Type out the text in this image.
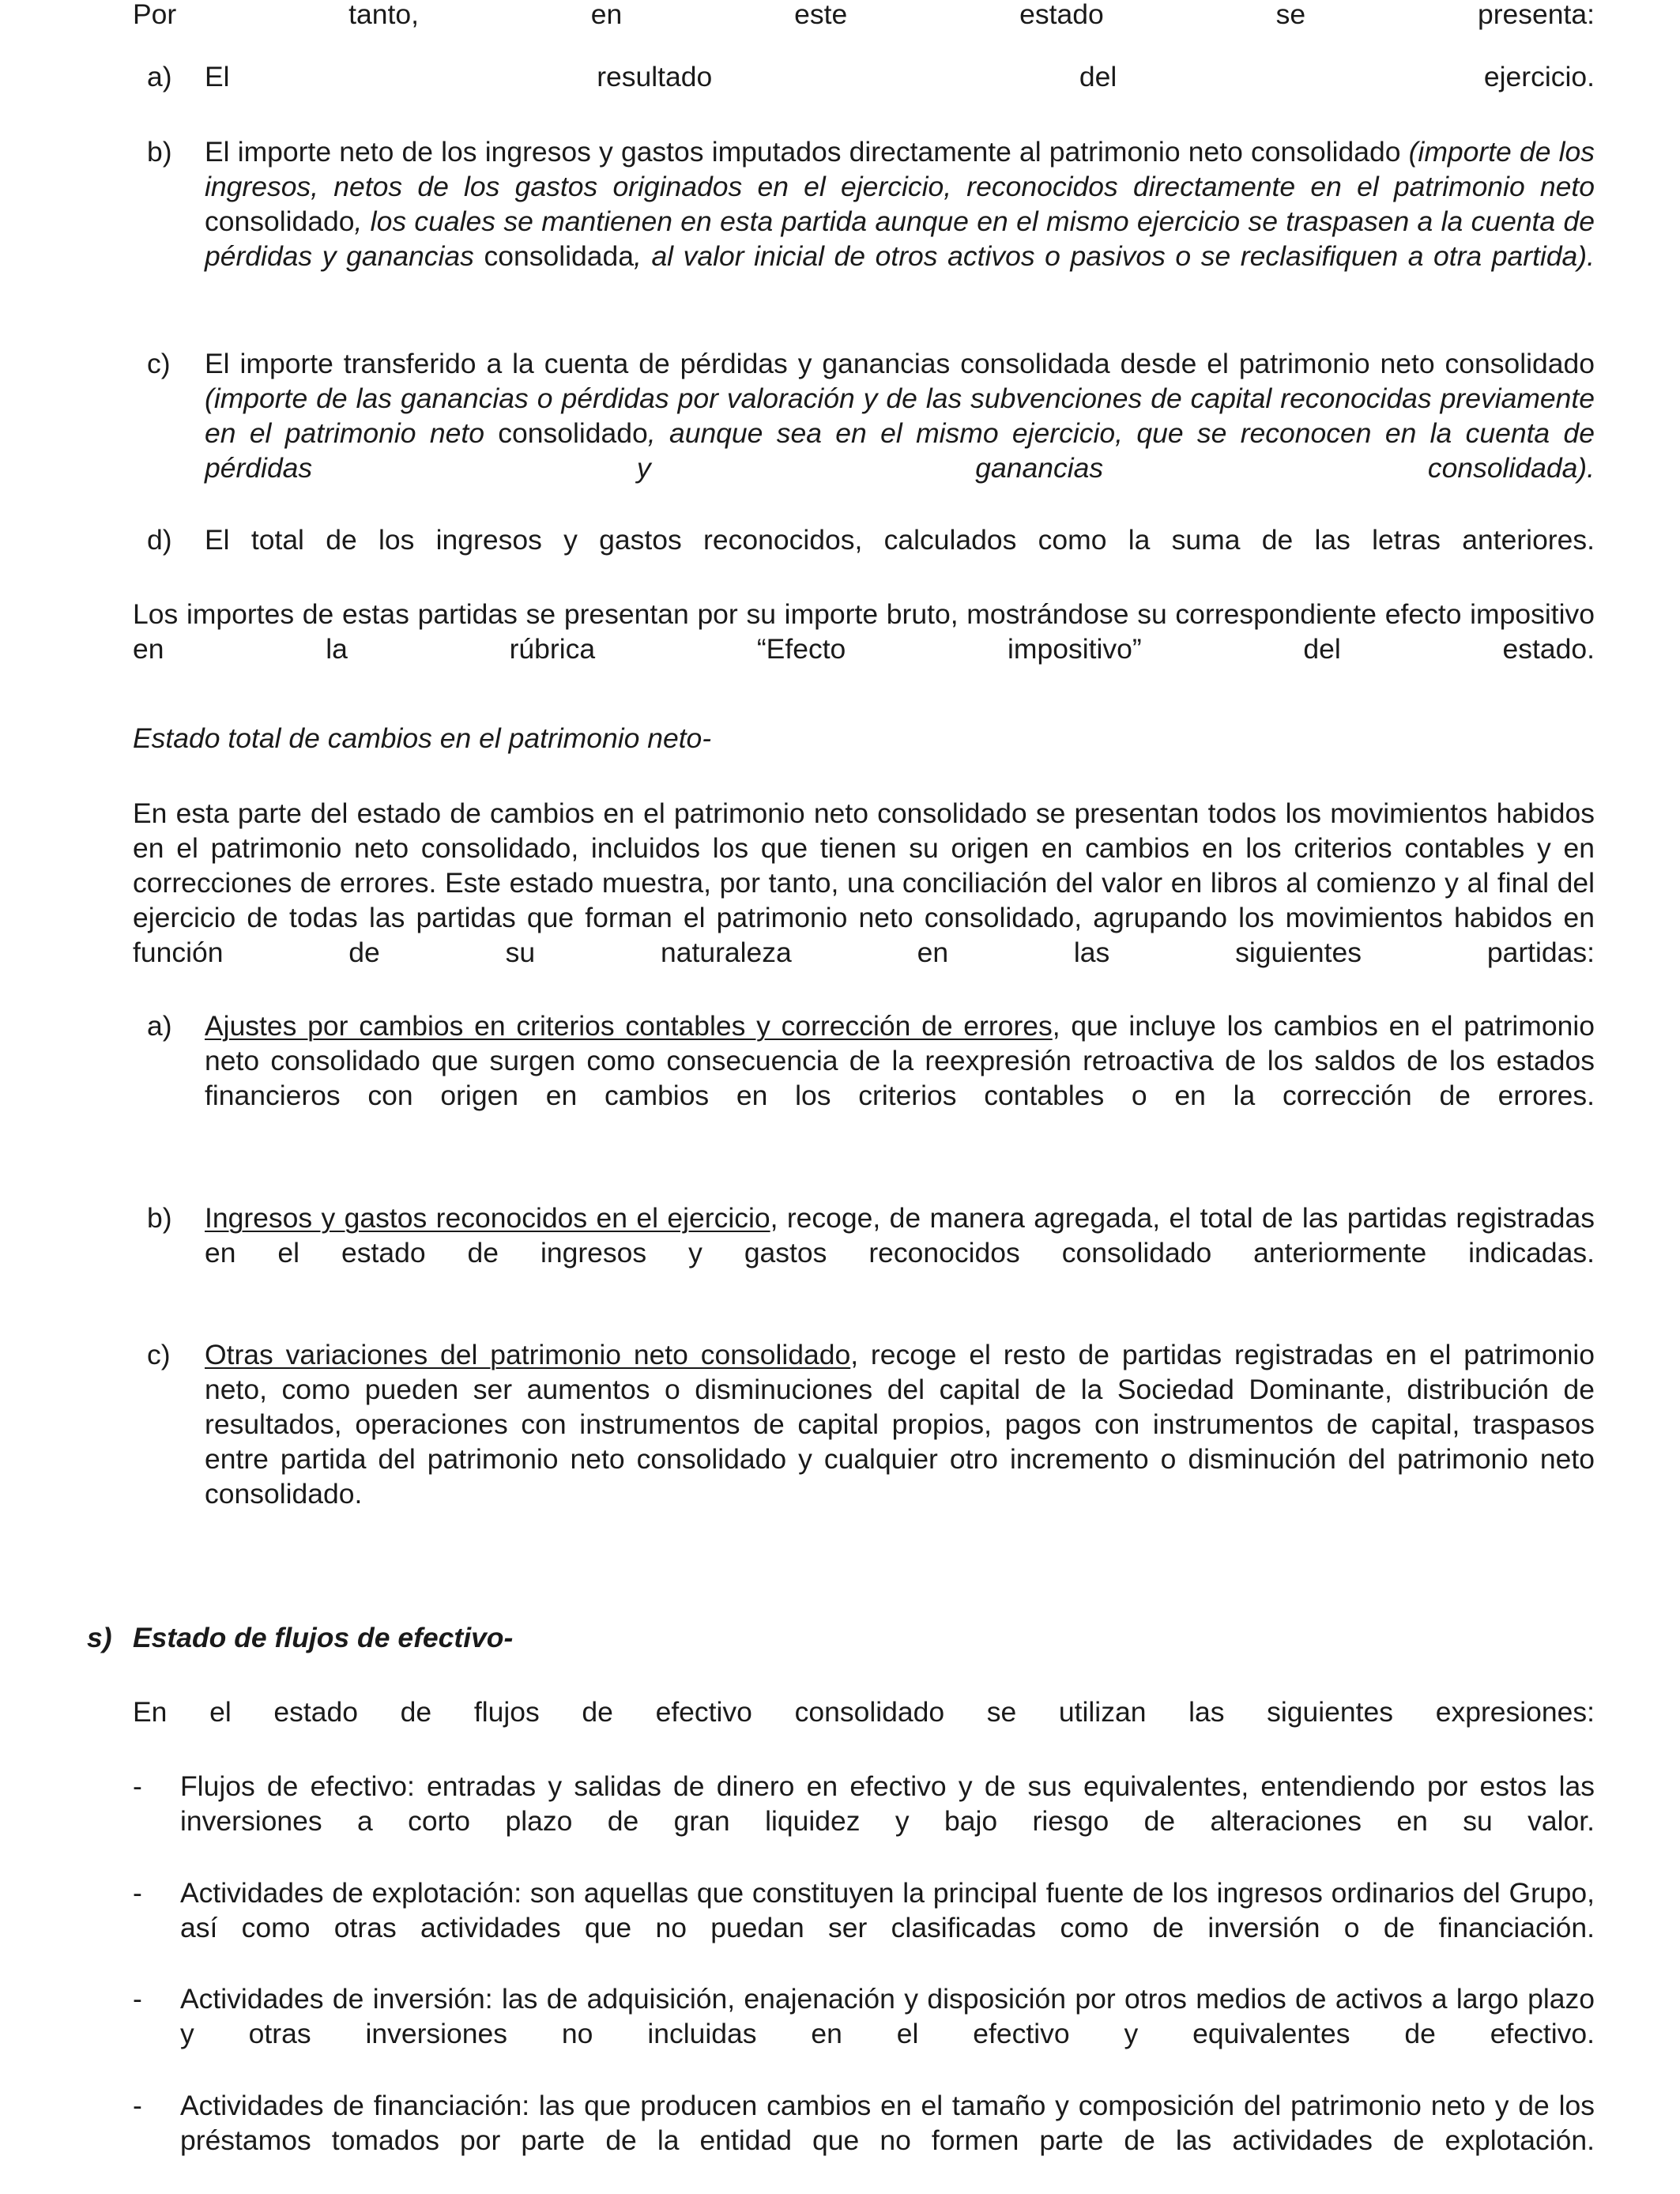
Por tanto, en este estado se presenta:
a)	El resultado del ejercicio.
b)	El importe neto de los ingresos y gastos imputados directamente al patrimonio neto consolidado (importe de los ingresos, netos de los gastos originados en el ejercicio, reconocidos directamente en el patrimonio neto consolidado, los cuales se mantienen en esta partida aunque en el mismo ejercicio se traspasen a la cuenta de pérdidas y ganancias consolidada, al valor inicial de otros activos o pasivos o se reclasifiquen a otra partida).
c)	El importe transferido a la cuenta de pérdidas y ganancias consolidada desde el patrimonio neto consolidado (importe de las ganancias o pérdidas por valoración y de las subvenciones de capital reconocidas previamente en el patrimonio neto consolidado, aunque sea en el mismo ejercicio, que se reconocen en la cuenta de pérdidas y ganancias consolidada).
d)	El total de los ingresos y gastos reconocidos, calculados como la suma de las letras anteriores.
Los importes de estas partidas se presentan por su importe bruto, mostrándose su correspondiente efecto impositivo en la rúbrica “Efecto impositivo” del estado.
Estado total de cambios en el patrimonio neto-
En esta parte del estado de cambios en el patrimonio neto consolidado se presentan todos los movimientos habidos en el patrimonio neto consolidado, incluidos los que tienen su origen en cambios en los criterios contables y en correcciones de errores. Este estado muestra, por tanto, una conciliación del valor en libros al comienzo y al final del ejercicio de todas las partidas que forman el patrimonio neto consolidado, agrupando los movimientos habidos en función de su naturaleza en las siguientes partidas:
a)	Ajustes por cambios en criterios contables y corrección de errores, que incluye los cambios en el patrimonio neto consolidado que surgen como consecuencia de la reexpresión retroactiva de los saldos de los estados financieros con origen en cambios en los criterios contables o en la corrección de errores.
b)	Ingresos y gastos reconocidos en el ejercicio, recoge, de manera agregada, el total de las partidas registradas en el estado de ingresos y gastos reconocidos consolidado anteriormente indicadas.
c)	Otras variaciones del patrimonio neto consolidado, recoge el resto de partidas registradas en el patrimonio neto, como pueden ser aumentos o disminuciones del capital de la Sociedad Dominante, distribución de resultados, operaciones con instrumentos de capital propios, pagos con instrumentos de capital, traspasos entre partida del patrimonio neto consolidado y cualquier otro incremento o disminución del patrimonio neto consolidado.
s) Estado de flujos de efectivo-
En el estado de flujos de efectivo consolidado se utilizan las siguientes expresiones:
-	Flujos de efectivo: entradas y salidas de dinero en efectivo y de sus equivalentes, entendiendo por estos las inversiones a corto plazo de gran liquidez y bajo riesgo de alteraciones en su valor.
-	Actividades de explotación: son aquellas que constituyen la principal fuente de los ingresos ordinarios del Grupo, así como otras actividades que no puedan ser clasificadas como de inversión o de financiación.
-	Actividades de inversión: las de adquisición, enajenación y disposición por otros medios de activos a largo plazo y otras inversiones no incluidas en el efectivo y equivalentes de efectivo.
-	Actividades de financiación: las que producen cambios en el tamaño y composición del patrimonio neto y de los préstamos tomados por parte de la entidad que no formen parte de las actividades de explotación.
